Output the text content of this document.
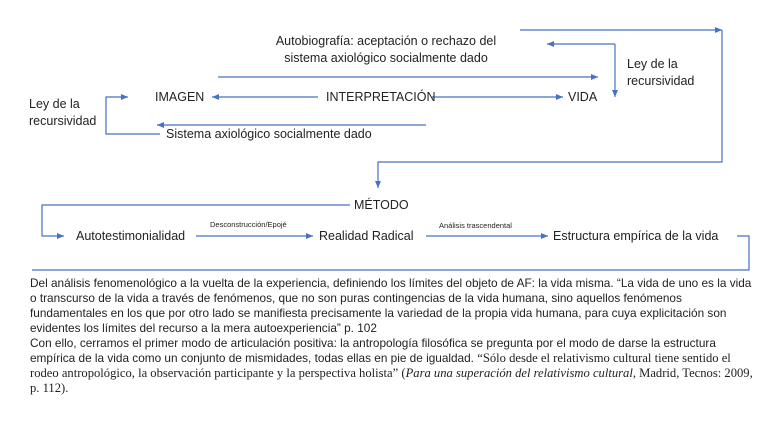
Autobiografía: aceptación o rechazo del
sistema axiológico socialmente dado	Ley de la
recursividad
Ley de la
recursividad
IMAGEN	INTERPRETACIÓN	VIDA
Sistema axiológico socialmente dado
MÉTODO
Autotestimonialidad
Desconstrucción/Epojé
Realidad Radical
Análisis trascendental
Estructura empírica de la vida

Del análisis fenomenológico a la vuelta de la experiencia, definiendo los límites del objeto de AF: la vida misma. “La vida de uno es la vida o transcurso de la vida a través de fenómenos, que no son puras contingencias de la vida humana, sino aquellos fenómenos fundamentales en los que por otro lado se manifiesta precisamente la variedad de la propia vida humana, para cuya explicitación son evidentes los límites del recurso a la mera autoexperiencia” p. 102

Con ello, cerramos el primer modo de articulación positiva: la antropología filosófica se pregunta por el modo de darse la estructura empírica de la vida como un conjunto de mismidades, todas ellas en pie de igualdad. “Sólo desde el relativismo cultural tiene sentido el rodeo antropológico, la observación participante y la perspectiva holista” (Para una superación del relativismo cultural, Madrid, Tecnos: 2009, p. 112).
